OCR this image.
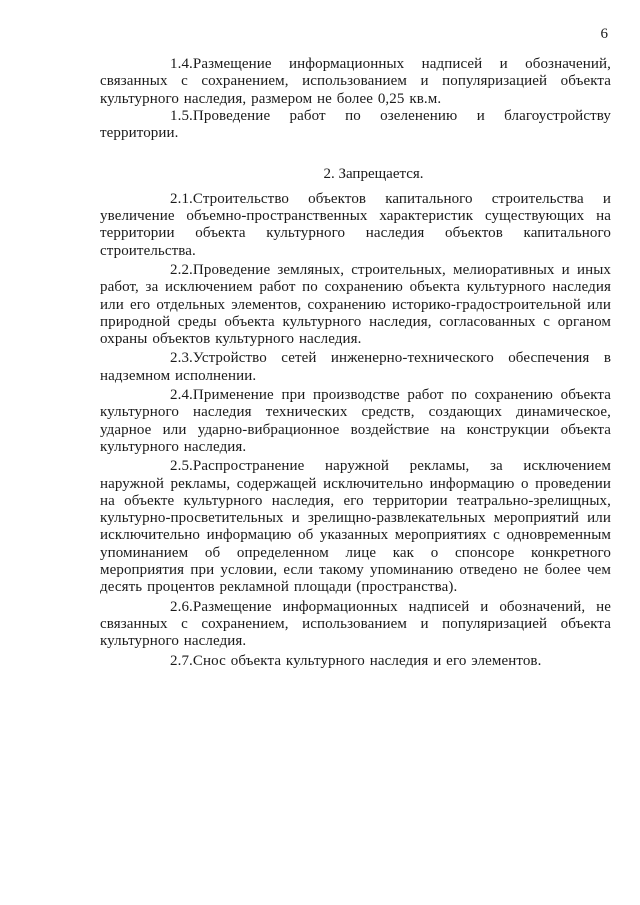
6

1.4.Размещение информационных надписей и обозначений, связанных с сохранением, использованием и популяризацией объекта культурного наследия, размером не более 0,25 кв.м.

1.5.Проведение работ по озеленению и благоустройству территории.

2. Запрещается.

2.1.Строительство объектов капитального строительства и увеличение объемно-пространственных характеристик существующих на территории объекта культурного наследия объектов капитального строительства.

2.2.Проведение земляных, строительных, мелиоративных и иных работ, за исключением работ по сохранению объекта культурного наследия или его отдельных элементов, сохранению историко-градостроительной или природной среды объекта культурного наследия, согласованных с органом охраны объектов культурного наследия.

2.3.Устройство сетей инженерно-технического обеспечения в надземном исполнении.

2.4.Применение при производстве работ по сохранению объекта культурного наследия технических средств, создающих динамическое, ударное или ударно-вибрационное воздействие на конструкции объекта культурного наследия.

2.5.Распространение наружной рекламы, за исключением наружной рекламы, содержащей исключительно информацию о проведении на объекте культурного наследия, его территории театрально-зрелищных, культурно-просветительных и зрелищно-развлекательных мероприятий или исключительно информацию об указанных мероприятиях с одновременным упоминанием об определенном лице как о спонсоре конкретного мероприятия при условии, если такому упоминанию отведено не более чем десять процентов рекламной площади (пространства).

2.6.Размещение информационных надписей и обозначений, не связанных с сохранением, использованием и популяризацией объекта культурного наследия.

2.7.Снос объекта культурного наследия и его элементов.
